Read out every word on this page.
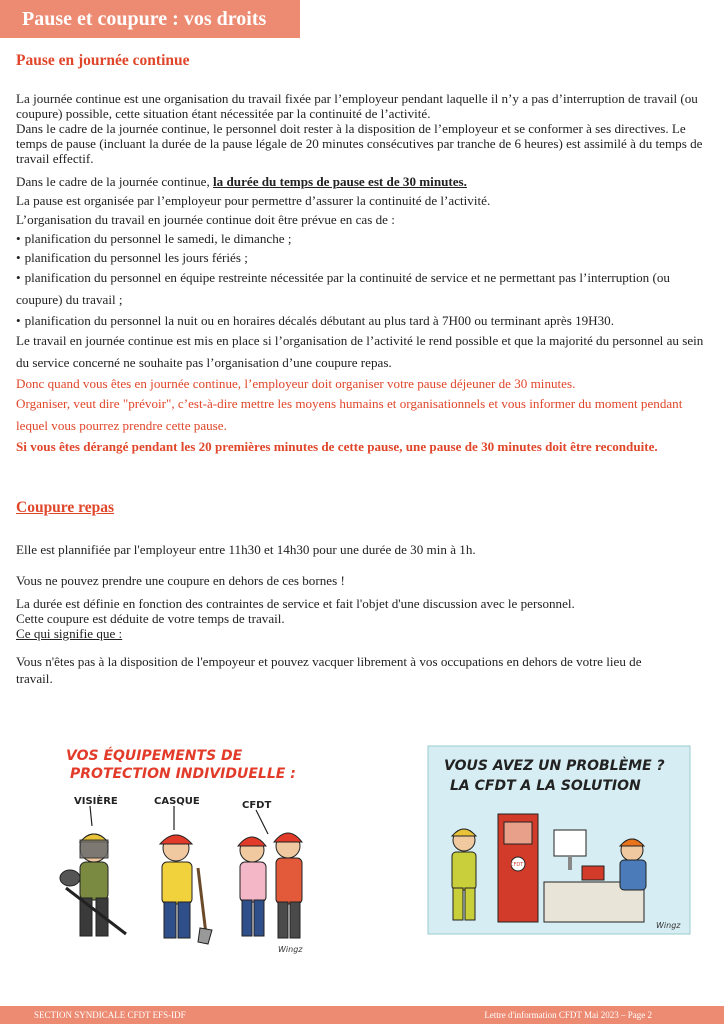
Pause et coupure : vos droits
Pause en journée continue

La journée continue est une organisation du travail fixée par l’employeur pendant laquelle il n’y a pas d’interruption de travail (ou coupure) possible, cette situation étant nécessitée par la continuité de l’activité.

Dans le cadre de la journée continue, le personnel doit rester à la disposition de l’employeur et se conformer à ses directives. Le temps de pause (incluant la durée de la pause légale de 20 minutes consécutives par tranche de 6 heures) est assimilé à du temps de travail effectif.

Dans le cadre de la journée continue, la durée du temps de pause est de 30 minutes.

La pause est organisée par l’employeur pour permettre d’assurer la continuité de l’activité.

L’organisation du travail en journée continue doit être prévue en cas de :

• planification du personnel le samedi, le dimanche ;

• planification du personnel les jours fériés ;

• planification du personnel en équipe restreinte nécessitée par la continuité de service et ne permettant pas l’interruption (ou coupure) du travail ;

• planification du personnel la nuit ou en horaires décalés débutant au plus tard à 7H00 ou terminant après 19H30.

Le travail en journée continue est mis en place si l’organisation de l’activité le rend possible et que la majorité du personnel au sein du service concerné ne souhaite pas l’organisation d’une coupure repas.

Donc quand vous êtes en journée continue, l’employeur doit organiser votre pause déjeuner de 30 minutes.

Organiser, veut dire "prévoir", c’est-à-dire mettre les moyens humains et organisationnels et vous informer du moment pendant lequel vous pourrez prendre cette pause.

Si vous êtes dérangé pendant les 20 premières minutes de cette pause, une pause de 30 minutes doit être reconduite.

Coupure repas

Elle est plannifiée par l'employeur entre 11h30 et 14h30 pour une durée de 30 min à 1h.

Vous ne pouvez prendre une coupure en dehors de ces bornes !

La durée est définie en fonction des contraintes de service et fait l'objet d'une discussion avec le personnel.

Cette coupure est déduite de votre temps de travail.

Ce qui signifie que :

Vous n'êtes pas à la disposition de l'empoyeur et pouvez vacquer librement à vos occupations en dehors de votre lieu de travail.

VOS ÉQUIPEMENTS DE
PROTECTION INDIVIDUELLE :
VISIÈRE	CASQUE	CFDT
Wingz
VOUS AVEZ UN PROBLÈME ?
LA CFDT A LA SOLUTION
CFDT
Wingz
SECTION SYNDICALE CFDT EFS-IDF	Lettre d'information CFDT Mai 2023 – Page 2
